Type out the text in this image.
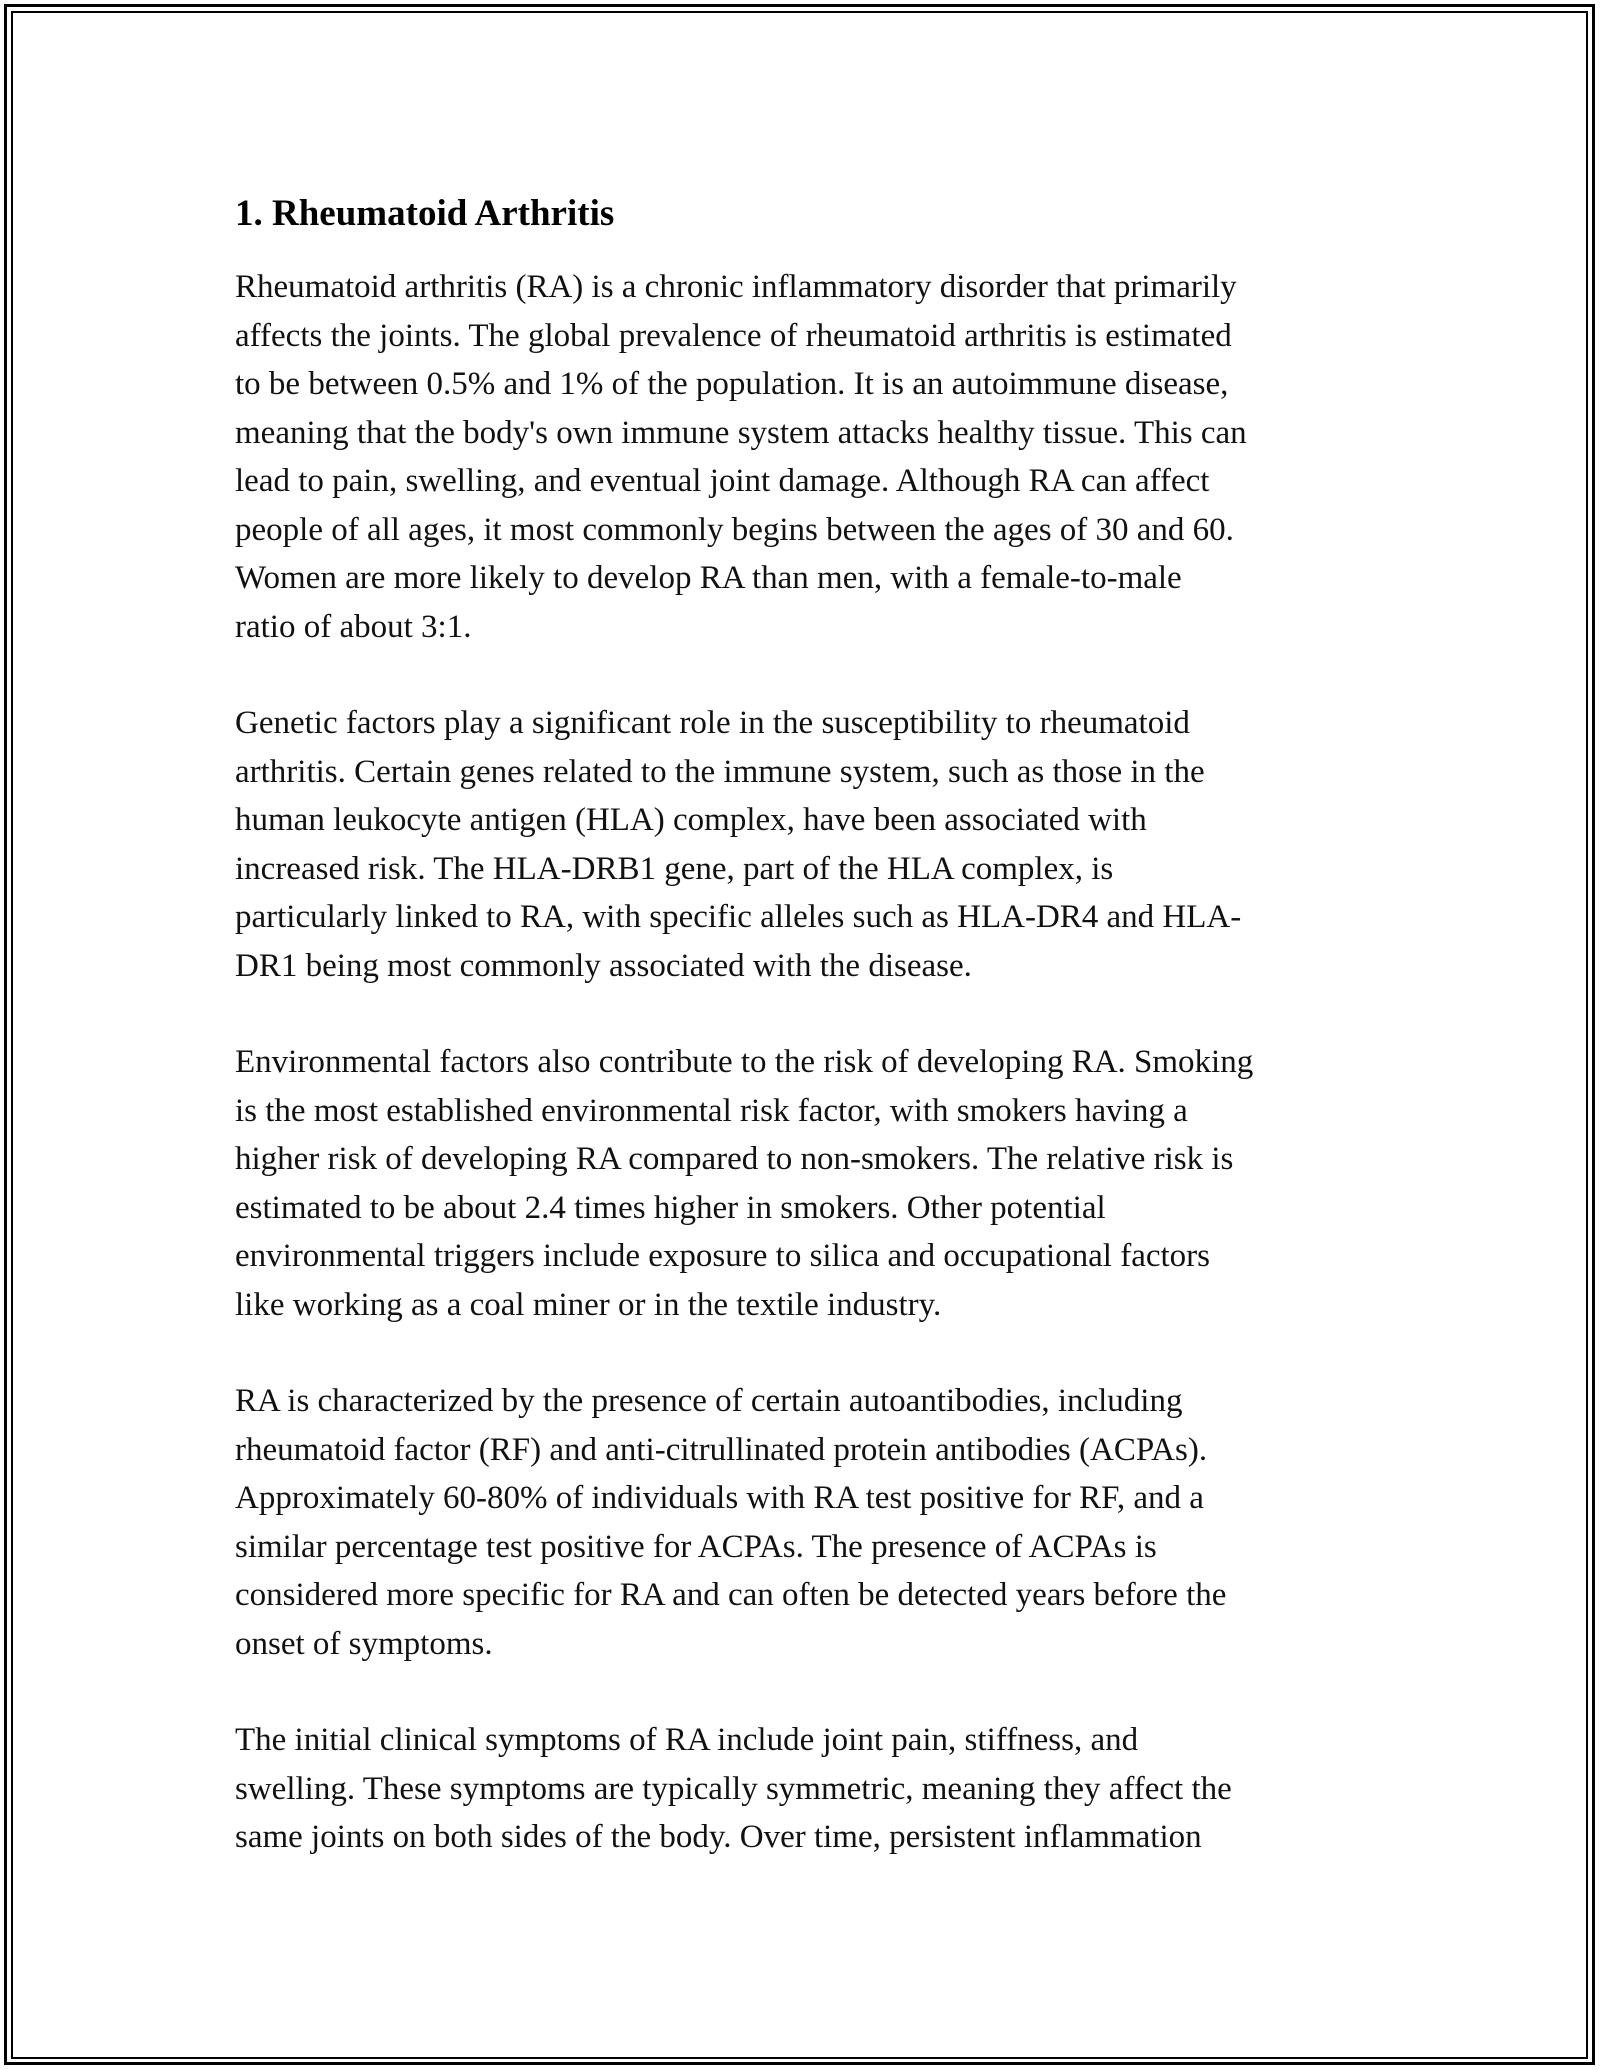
1. Rheumatoid Arthritis

Rheumatoid arthritis (RA) is a chronic inflammatory disorder that primarily
affects the joints. The global prevalence of rheumatoid arthritis is estimated
to be between 0.5% and 1% of the population. It is an autoimmune disease,
meaning that the body's own immune system attacks healthy tissue. This can
lead to pain, swelling, and eventual joint damage. Although RA can affect
people of all ages, it most commonly begins between the ages of 30 and 60.
Women are more likely to develop RA than men, with a female-to-male
ratio of about 3:1.

Genetic factors play a significant role in the susceptibility to rheumatoid
arthritis. Certain genes related to the immune system, such as those in the
human leukocyte antigen (HLA) complex, have been associated with
increased risk. The HLA-DRB1 gene, part of the HLA complex, is
particularly linked to RA, with specific alleles such as HLA-DR4 and HLA-
DR1 being most commonly associated with the disease.

Environmental factors also contribute to the risk of developing RA. Smoking
is the most established environmental risk factor, with smokers having a
higher risk of developing RA compared to non-smokers. The relative risk is
estimated to be about 2.4 times higher in smokers. Other potential
environmental triggers include exposure to silica and occupational factors
like working as a coal miner or in the textile industry.

RA is characterized by the presence of certain autoantibodies, including
rheumatoid factor (RF) and anti-citrullinated protein antibodies (ACPAs).
Approximately 60-80% of individuals with RA test positive for RF, and a
similar percentage test positive for ACPAs. The presence of ACPAs is
considered more specific for RA and can often be detected years before the
onset of symptoms.

The initial clinical symptoms of RA include joint pain, stiffness, and
swelling. These symptoms are typically symmetric, meaning they affect the
same joints on both sides of the body. Over time, persistent inflammation
